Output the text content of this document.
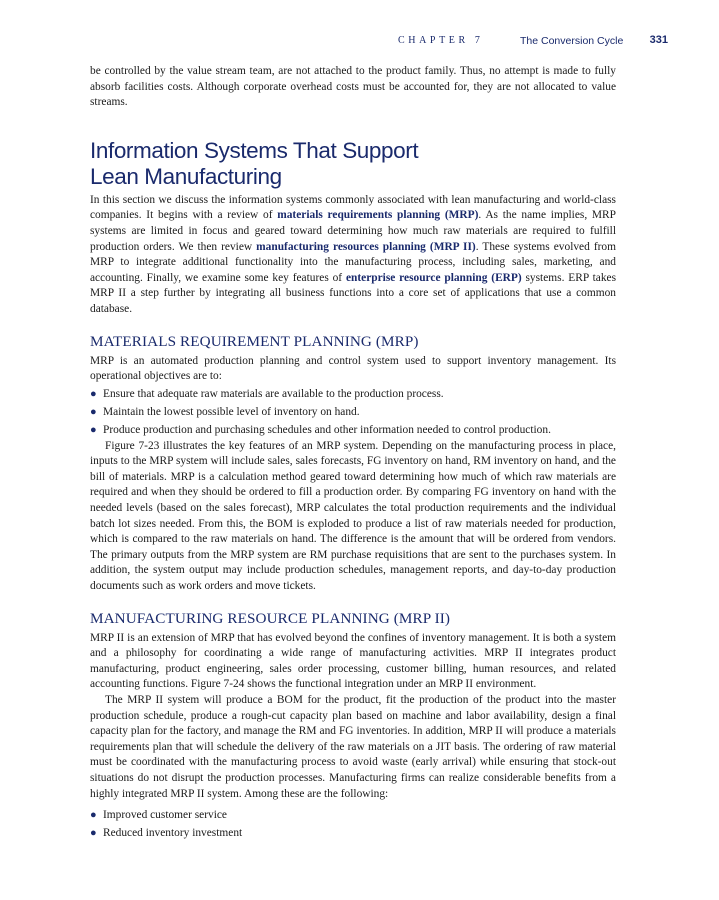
CHAPTER 7	The Conversion Cycle 331

be controlled by the value stream team, are not attached to the product family. Thus, no attempt is made to fully absorb facilities costs. Although corporate overhead costs must be accounted for, they are not allocated to value streams.

Information Systems That Support
Lean Manufacturing

In this section we discuss the information systems commonly associated with lean manufacturing and world-class companies. It begins with a review of materials requirements planning (MRP). As the name implies, MRP systems are limited in focus and geared toward determining how much raw materials are required to fulfill production orders. We then review manufacturing resources planning (MRP II). These systems evolved from MRP to integrate additional functionality into the manufacturing process, including sales, marketing, and accounting. Finally, we examine some key features of enterprise resource planning (ERP) systems. ERP takes MRP II a step further by integrating all business functions into a core set of applications that use a common database.

MATERIALS REQUIREMENT PLANNING (MRP)

MRP is an automated production planning and control system used to support inventory management. Its operational objectives are to:

● Ensure that adequate raw materials are available to the production process.
● Maintain the lowest possible level of inventory on hand.
● Produce production and purchasing schedules and other information needed to control production.

Figure 7-23 illustrates the key features of an MRP system. Depending on the manufacturing process in place, inputs to the MRP system will include sales, sales forecasts, FG inventory on hand, RM inventory on hand, and the bill of materials. MRP is a calculation method geared toward determining how much of which raw materials are required and when they should be ordered to fill a production order. By comparing FG inventory on hand with the needed levels (based on the sales forecast), MRP calculates the total production requirements and the individual batch lot sizes needed. From this, the BOM is exploded to produce a list of raw materials needed for production, which is compared to the raw materials on hand. The difference is the amount that will be ordered from vendors. The primary outputs from the MRP system are RM purchase requisitions that are sent to the purchases system. In addition, the system output may include production schedules, management reports, and day-to-day production documents such as work orders and move tickets.

MANUFACTURING RESOURCE PLANNING (MRP II)

MRP II is an extension of MRP that has evolved beyond the confines of inventory management. It is both a system and a philosophy for coordinating a wide range of manufacturing activities. MRP II integrates product manufacturing, product engineering, sales order processing, customer billing, human resources, and related accounting functions. Figure 7-24 shows the functional integration under an MRP II environment.

The MRP II system will produce a BOM for the product, fit the production of the product into the master production schedule, produce a rough-cut capacity plan based on machine and labor availability, design a final capacity plan for the factory, and manage the RM and FG inventories. In addition, MRP II will produce a materials requirements plan that will schedule the delivery of the raw materials on a JIT basis. The ordering of raw material must be coordinated with the manufacturing process to avoid waste (early arrival) while ensuring that stock-out situations do not disrupt the production processes. Manufacturing firms can realize considerable benefits from a highly integrated MRP II system. Among these are the following:

● Improved customer service
● Reduced inventory investment
